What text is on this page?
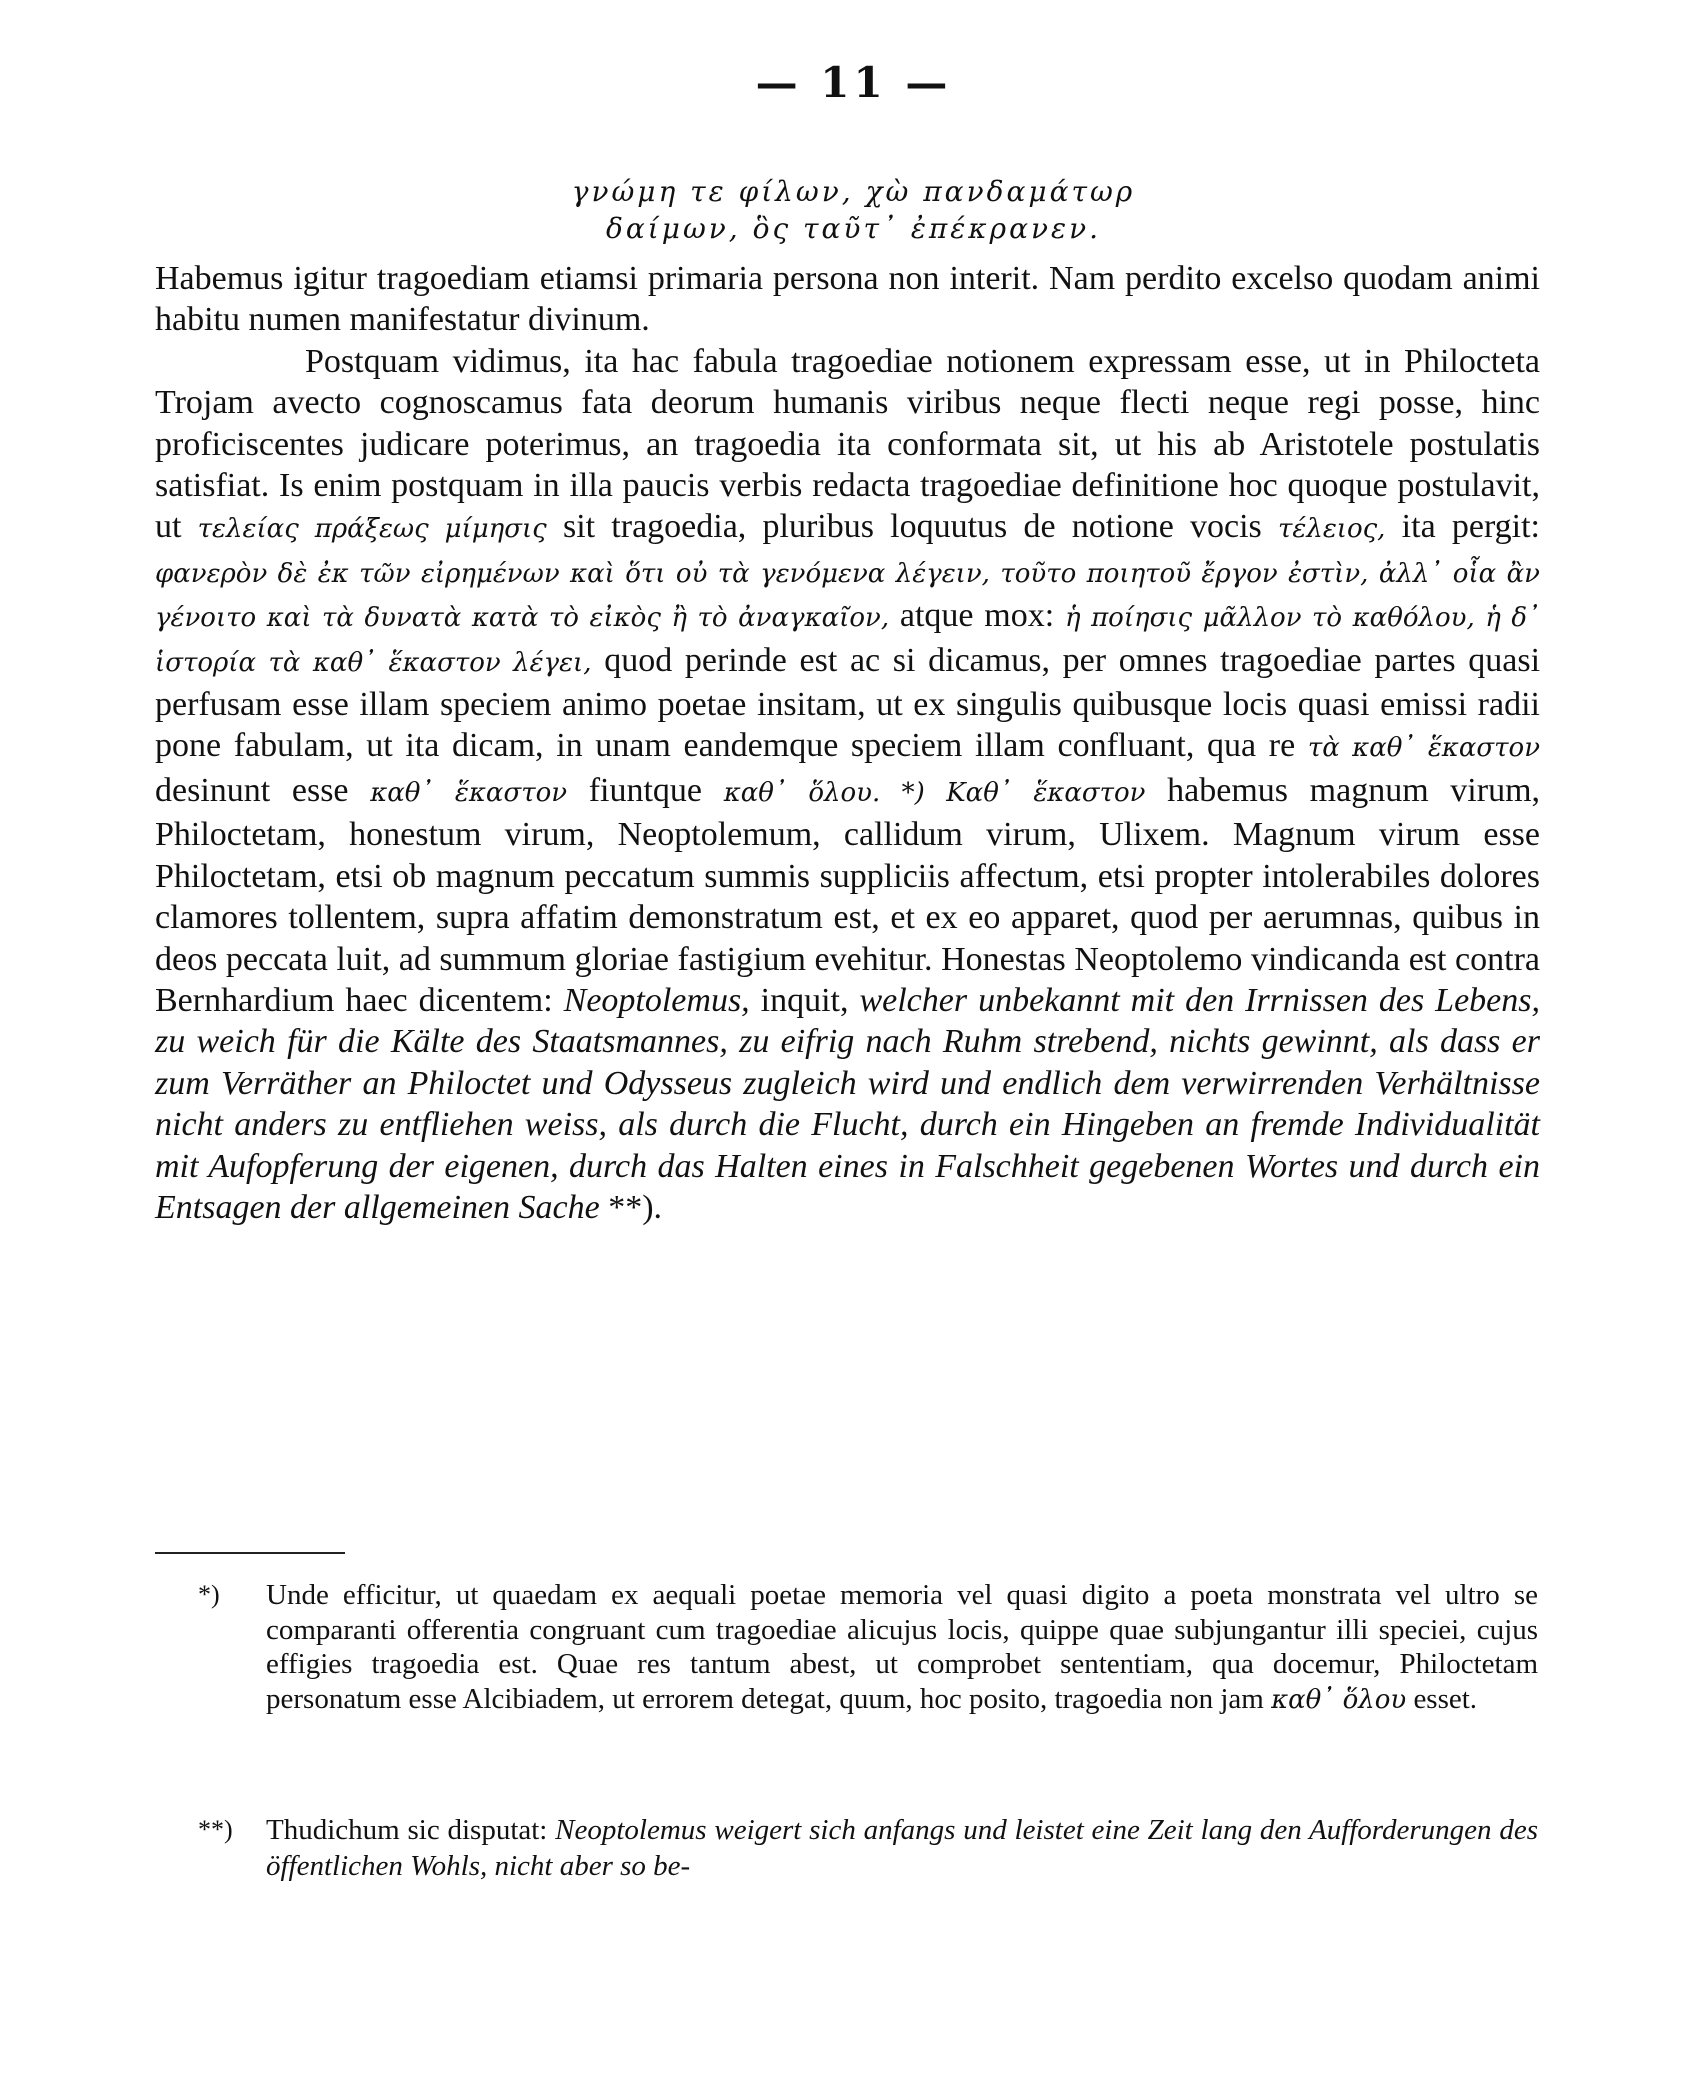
— 11 —
γνώμη τε φίλων, χὼ πανδαμάτωρ
δαίμων, ὃς ταῦτ᾽ ἐπέκρανεν.

Habemus igitur tragoediam etiamsi primaria persona non interit. Nam perdito excelso quodam animi habitu numen manifestatur divinum.

Postquam vidimus, ita hac fabula tragoediae notionem expressam esse, ut in Philocteta Trojam avecto cognoscamus fata deorum humanis viribus neque flecti neque regi posse, hinc proficiscentes judicare poterimus, an tragoedia ita conformata sit, ut his ab Aristotele postulatis satisfiat. Is enim postquam in illa paucis verbis redacta tragoediae definitione hoc quoque postulavit, ut τελείας πράξεως μίμησις sit tragoedia, pluribus loquutus de notione vocis τέλειος, ita pergit: φανερὸν δὲ ἐκ τῶν εἰρημένων καὶ ὅτι οὐ τὰ γενόμενα λέγειν, τοῦτο ποιητοῦ ἔργον ἐστὶν, ἀλλ᾽ οἷα ἂν γένοιτο καὶ τὰ δυνατὰ κατὰ τὸ εἰκὸς ἢ τὸ ἀναγκαῖον, atque mox: ἡ ποίησις μᾶλλον τὸ καθόλου, ἡ δ᾽ ἱστορία τὰ καθ᾽ ἕκαστον λέγει, quod perinde est ac si dicamus, per omnes tragoediae partes quasi perfusam esse illam speciem animo poetae insitam, ut ex singulis quibusque locis quasi emissi radii pone fabulam, ut ita dicam, in unam eandemque speciem illam confluant, qua re τὰ καθ᾽ ἕκαστον desinunt esse καθ᾽ ἕκαστον fiuntque καθ᾽ ὅλου. *) Καθ᾽ ἕκαστον habemus magnum virum, Philoctetam, honestum virum, Neoptolemum, callidum virum, Ulixem. Magnum virum esse Philoctetam, etsi ob magnum peccatum summis suppliciis affectum, etsi propter intolerabiles dolores clamores tollentem, supra affatim demonstratum est, et ex eo apparet, quod per aerumnas, quibus in deos peccata luit, ad summum gloriae fastigium evehitur. Honestas Neoptolemo vindicanda est contra Bernhardium haec dicentem: Neoptolemus, inquit, welcher unbekannt mit den Irrnissen des Lebens, zu weich für die Kälte des Staatsmannes, zu eifrig nach Ruhm strebend, nichts gewinnt, als dass er zum Verräther an Philoctet und Odysseus zugleich wird und endlich dem verwirrenden Verhältnisse nicht anders zu entfliehen weiss, als durch die Flucht, durch ein Hingeben an fremde Individualität mit Aufopferung der eigenen, durch das Halten eines in Falschheit gegebenen Wortes und durch ein Entsagen der allgemeinen Sache **).

*) Unde efficitur, ut quaedam ex aequali poetae memoria vel quasi digito a poeta monstrata vel ultro se comparanti offerentia congruant cum tragoediae alicujus locis, quippe quae subjungantur illi speciei, cujus effigies tragoedia est. Quae res tantum abest, ut comprobet sententiam, qua docemur, Philoctetam personatum esse Alcibiadem, ut errorem detegat, quum, hoc posito, tragoedia non jam καθ᾽ ὅλου esset.
**) Thudichum sic disputat: Neoptolemus weigert sich anfangs und leistet eine Zeit lang den Aufforderungen des öffentlichen Wohls, nicht aber so be-
